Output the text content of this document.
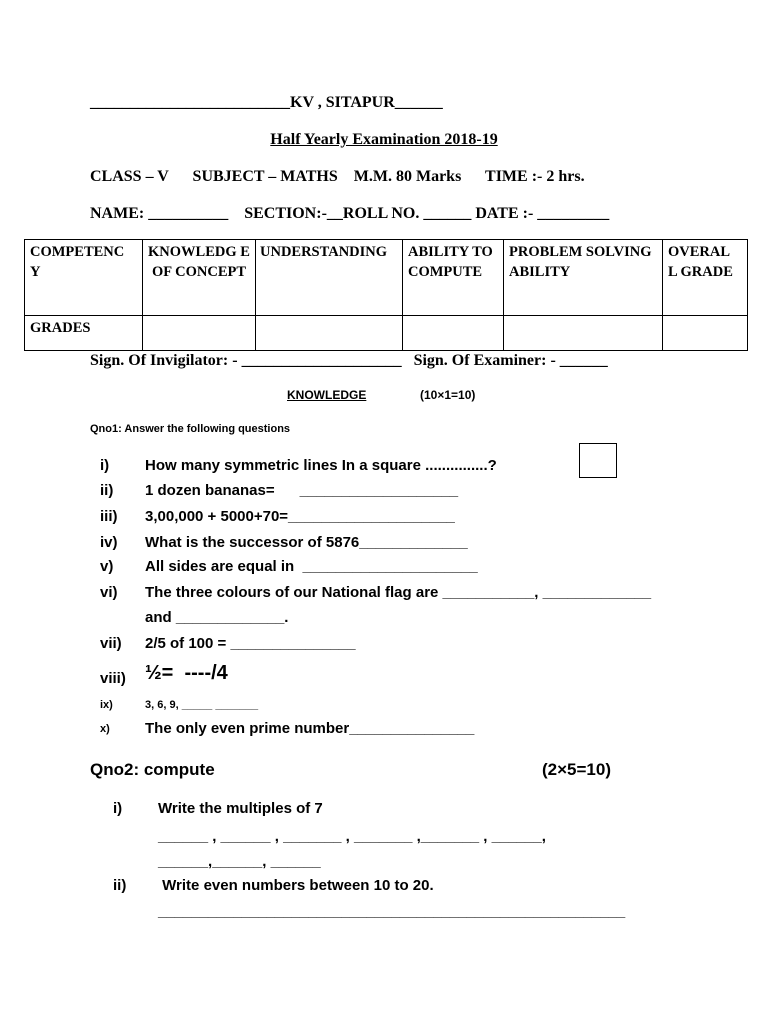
_________________________KV , SITAPUR______
Half Yearly Examination 2018-19
CLASS – V      SUBJECT – MATHS    M.M. 80 Marks      TIME :- 2 hrs.
NAME: __________    SECTION:-__ROLL NO. ______ DATE :- _________
COMPETENC Y	KNOWLEDG E OF CONCEPT	UNDERSTANDING	ABILITY TO COMPUTE	PROBLEM SOLVING ABILITY	OVERAL L GRADE
GRADES					
Sign. Of Invigilator: - ____________________   Sign. Of Examiner: - ______
KNOWLEDGE	(10×1=10)
Qno1: Answer the following questions
i) How many symmetric lines In a square ...............?
ii) 1 dozen bananas=      ___________________
iii) 3,00,000 + 5000+70=____________________
iv) What is the successor of 5876_____________
v) All sides are equal in  _____________________
vi) The three colours of our National flag are ___________, _____________
and _____________.
vii) 2/5 of 100 = _______________
viii) ½=  ----/4
ix)	3, 6, 9, _____ _______
x) The only even prime number_______________
Qno2: compute	(2×5=10)
i) Write the multiples of 7
______ , ______ , _______ , _______ ,_______ , ______,
______,______, ______
ii) Write even numbers between 10 to 20.
________________________________________________________
